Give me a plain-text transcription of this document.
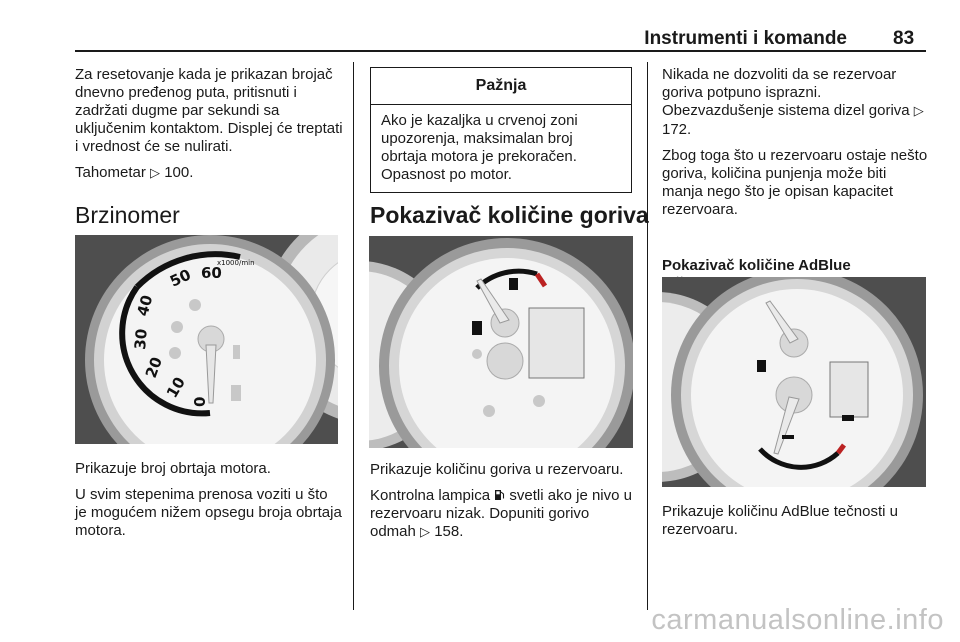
Instrumenti i komande 83

Za resetovanje kada je prikazan brojač dnevno pređenog puta, pritisnuti i zadržati dugme par sekundi sa uključenim kontaktom. Displej će treptati i vrednost će se nulirati.

Tahometar ▷ 100.

Brzinomer
0
10
20
30
40
50 60
x1000/min

Prikazuje broj obrtaja motora.

U svim stepenima prenosa voziti u što je mogućem nižem opsegu broja obrtaja motora.

Pažnja
Ako je kazaljka u crvenoj zoni upozorenja, maksimalan broj obrtaja motora je prekoračen. Opasnost po motor.
Pokazivač količine goriva

Prikazuje količinu goriva u rezervoaru.

Kontrolna lampica svetli ako je nivo u rezervoaru nizak. Dopuniti gorivo odmah ▷ 158.

Nikada ne dozvoliti da se rezervoar goriva potpuno isprazni.

Obezvazdušenje sistema dizel goriva ▷ 172.

Zbog toga što u rezervoaru ostaje nešto goriva, količina punjenja može biti manja nego što je opisan kapacitet rezervoara.

Pokazivač količine AdBlue

Prikazuje količinu AdBlue tečnosti u rezervoaru.

carmanualsonline.info
